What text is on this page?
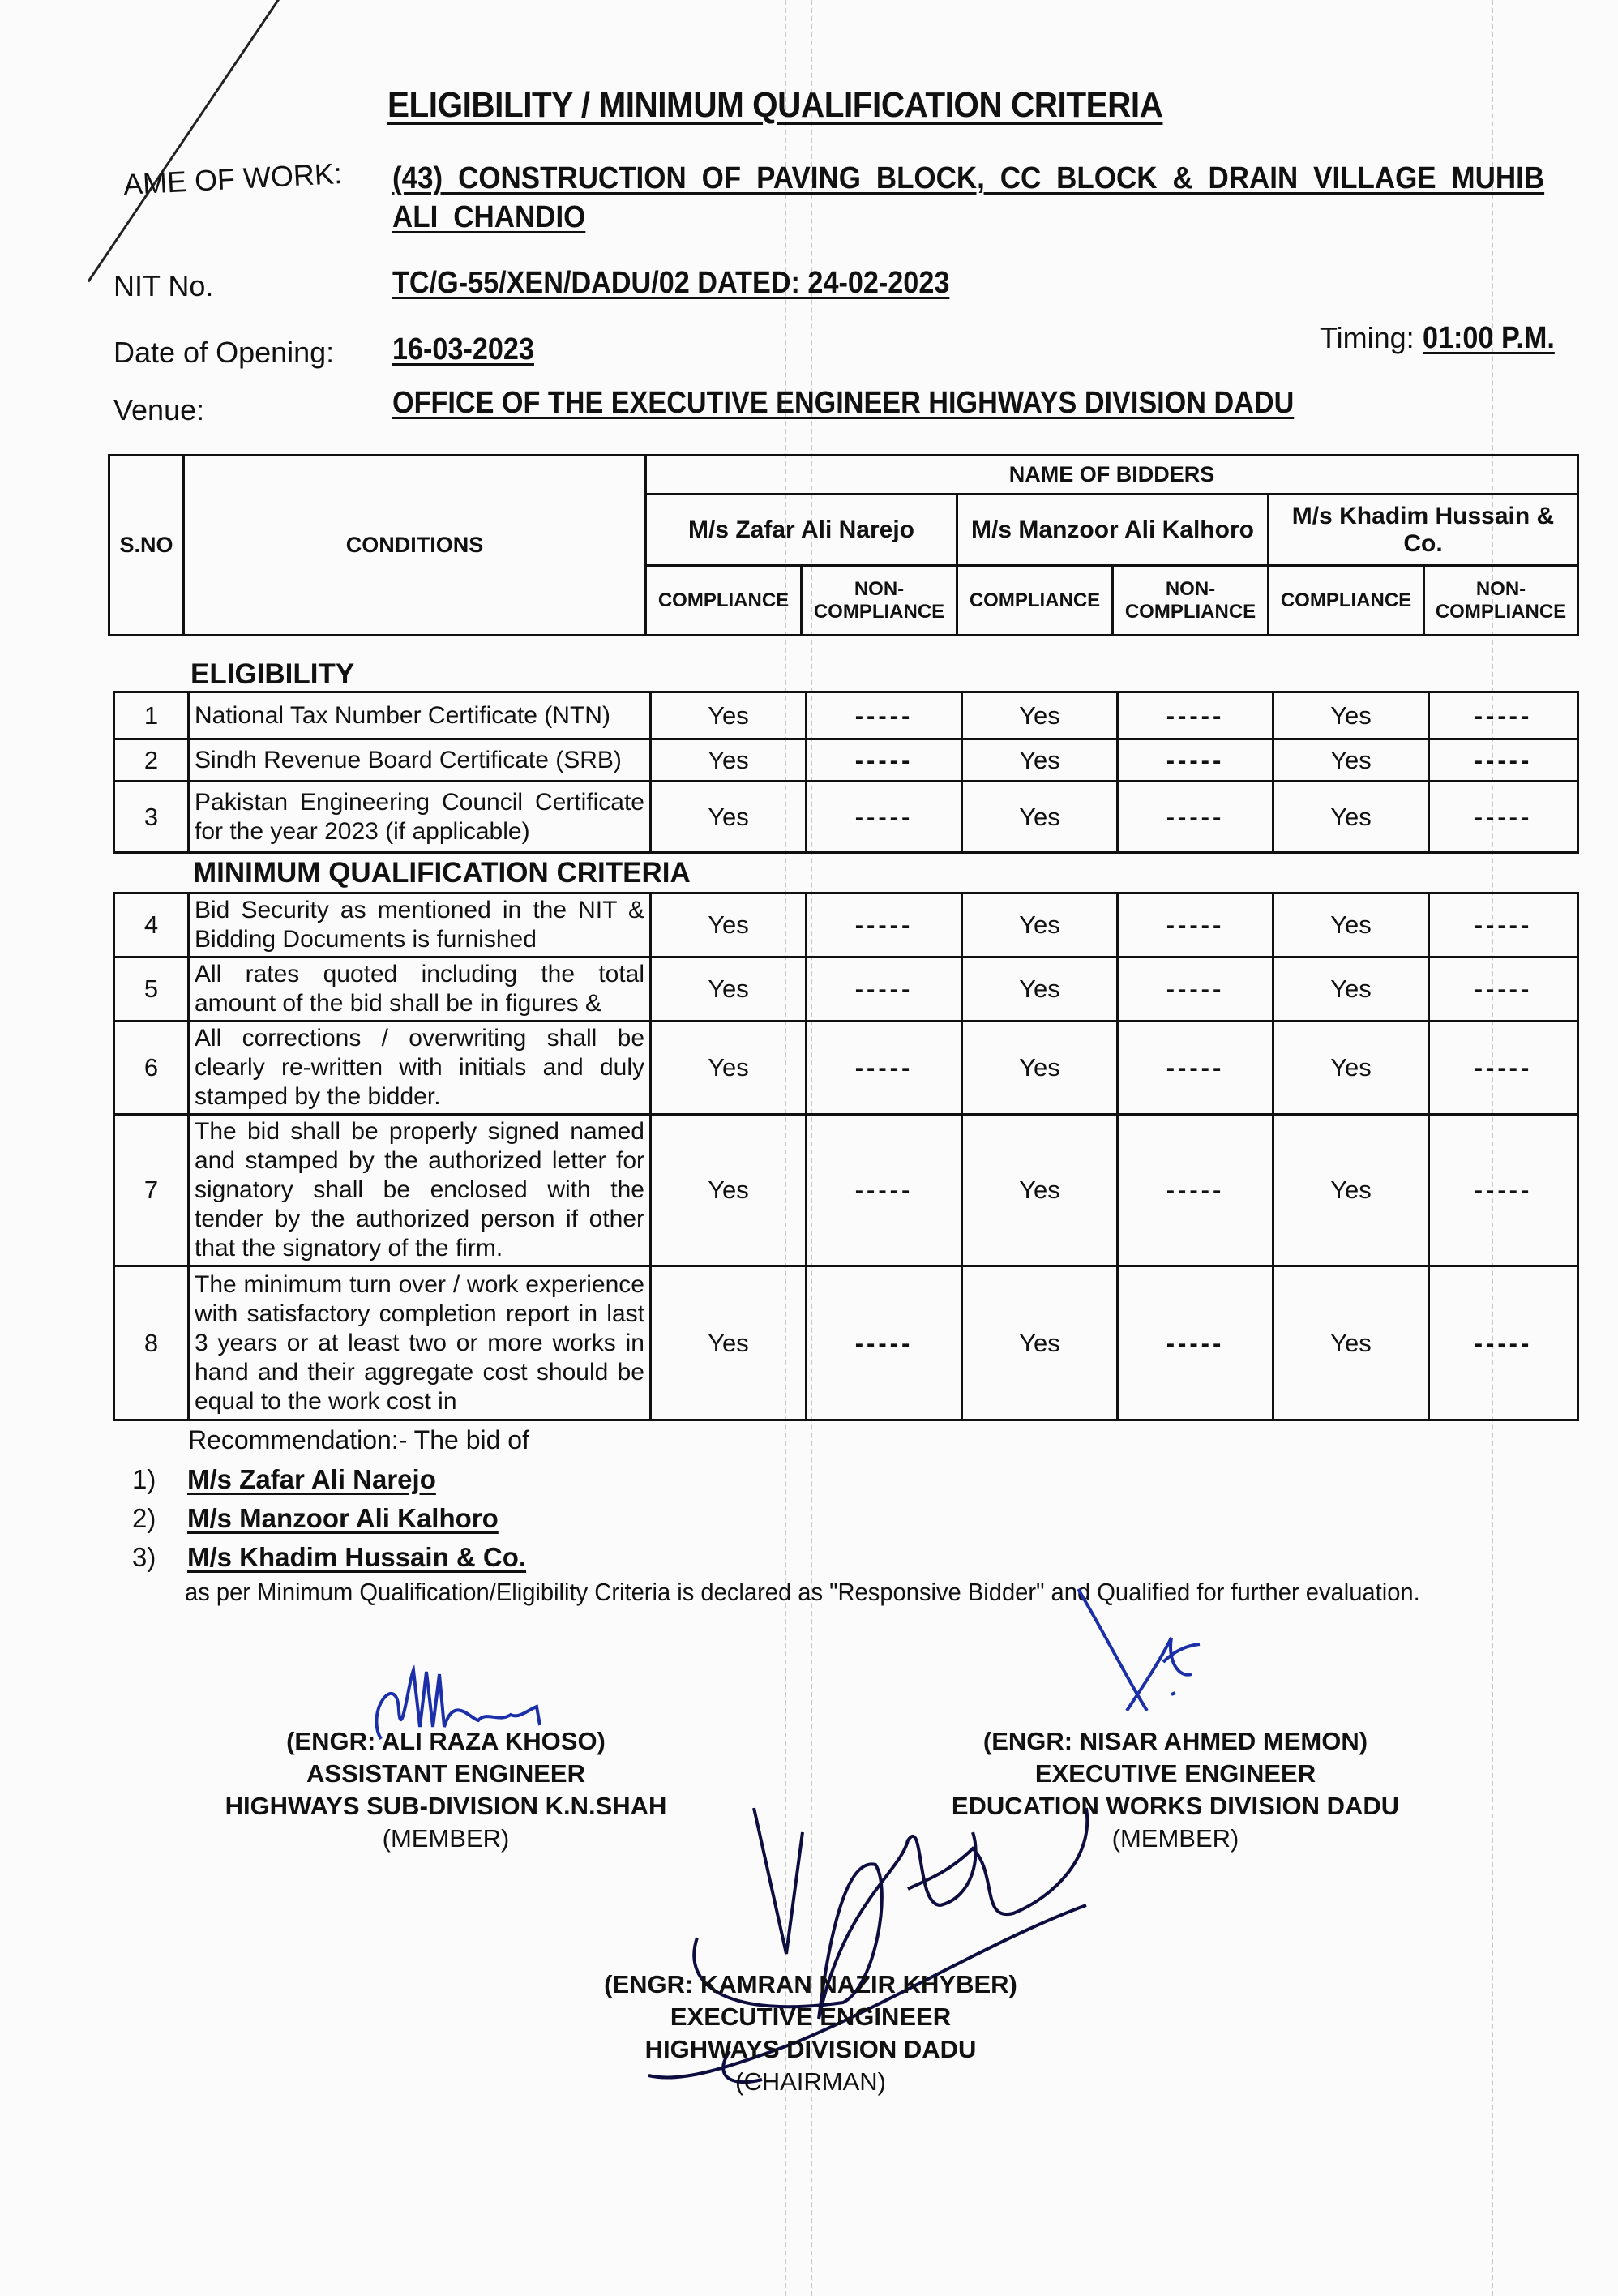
ELIGIBILITY / MINIMUM QUALIFICATION CRITERIA
AME OF WORK: (43) CONSTRUCTION OF PAVING BLOCK, CC BLOCK & DRAIN VILLAGE MUHIB
ALI CHANDIO
NIT No.	TC/G-55/XEN/DADU/02 DATED: 24-02-2023
Date of Opening: 16-03-2023	Timing: 01:00 P.M.
Venue:	OFFICE OF THE EXECUTIVE ENGINEER HIGHWAYS DIVISION DADU
S.NO	CONDITIONS	NAME OF BIDDERS					
		M/s Zafar Ali Narejo		M/s Manzoor Ali Kalhoro		M/s Khadim Hussain & Co.	
		COMPLIANCE	NON-COMPLIANCE	COMPLIANCE	NON-COMPLIANCE	COMPLIANCE	NON-COMPLIANCE
ELIGIBILITY
1	National Tax Number Certificate (NTN)	Yes	-----	Yes	-----	Yes	-----
2	Sindh Revenue Board Certificate (SRB)	Yes	-----	Yes	-----	Yes	-----
3	Pakistan Engineering Council Certificate for the year 2023 (if applicable)	Yes	-----	Yes	-----	Yes	-----
MINIMUM QUALIFICATION CRITERIA
4	Bid Security as mentioned in the NIT & Bidding Documents is furnished	Yes	-----	Yes	-----	Yes	-----
5	All rates quoted including the total amount of the bid shall be in figures &	Yes	-----	Yes	-----	Yes	-----
6	All corrections / overwriting shall be clearly re-written with initials and duly stamped by the bidder.	Yes	-----	Yes	-----	Yes	-----
7	The bid shall be properly signed named and stamped by the authorized letter for signatory shall be enclosed with the tender by the authorized person if other that the signatory of the firm.	Yes	-----	Yes	-----	Yes	-----
8	The minimum turn over / work experience with satisfactory completion report in last 3 years or at least two or more works in hand and their aggregate cost should be equal to the work cost in	Yes	-----	Yes	-----	Yes	-----
Recommendation:- The bid of
1) M/s Zafar Ali Narejo
2) M/s Manzoor Ali Kalhoro
3) M/s Khadim Hussain & Co.
as per Minimum Qualification/Eligibility Criteria is declared as "Responsive Bidder" and Qualified for further evaluation.
(ENGR: ALI RAZA KHOSO)
ASSISTANT ENGINEER
HIGHWAYS SUB-DIVISION K.N.SHAH
(MEMBER)
(ENGR: NISAR AHMED MEMON)
EXECUTIVE ENGINEER
EDUCATION WORKS DIVISION DADU
(MEMBER)
(ENGR: KAMRAN NAZIR KHYBER)
EXECUTIVE ENGINEER
HIGHWAYS DIVISION DADU
(CHAIRMAN)
